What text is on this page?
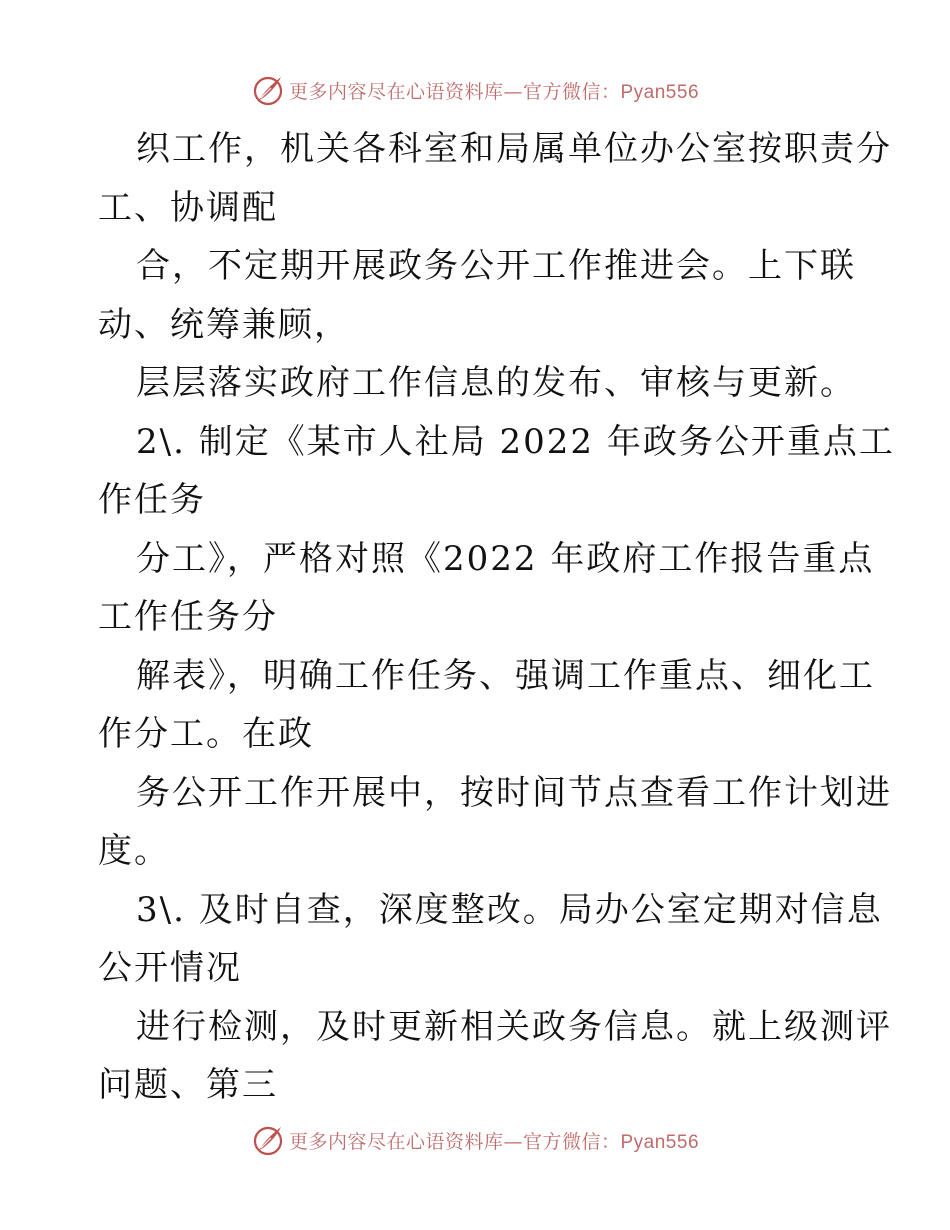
更多内容尽在心语资料库—官方微信：Pyan556
织工作，机关各科室和局属单位办公室按职责分
工、协调配
合，不定期开展政务公开工作推进会。上下联
动、统筹兼顾，
层层落实政府工作信息的发布、审核与更新。
2\. 制定《某市人社局 2022 年政务公开重点工
作任务
分工》，严格对照《2022 年政府工作报告重点
工作任务分
解表》，明确工作任务、强调工作重点、细化工
作分工。在政
务公开工作开展中，按时间节点查看工作计划进
度。
3\. 及时自查，深度整改。局办公室定期对信息
公开情况
进行检测，及时更新相关政务信息。就上级测评
问题、第三
更多内容尽在心语资料库—官方微信：Pyan556
